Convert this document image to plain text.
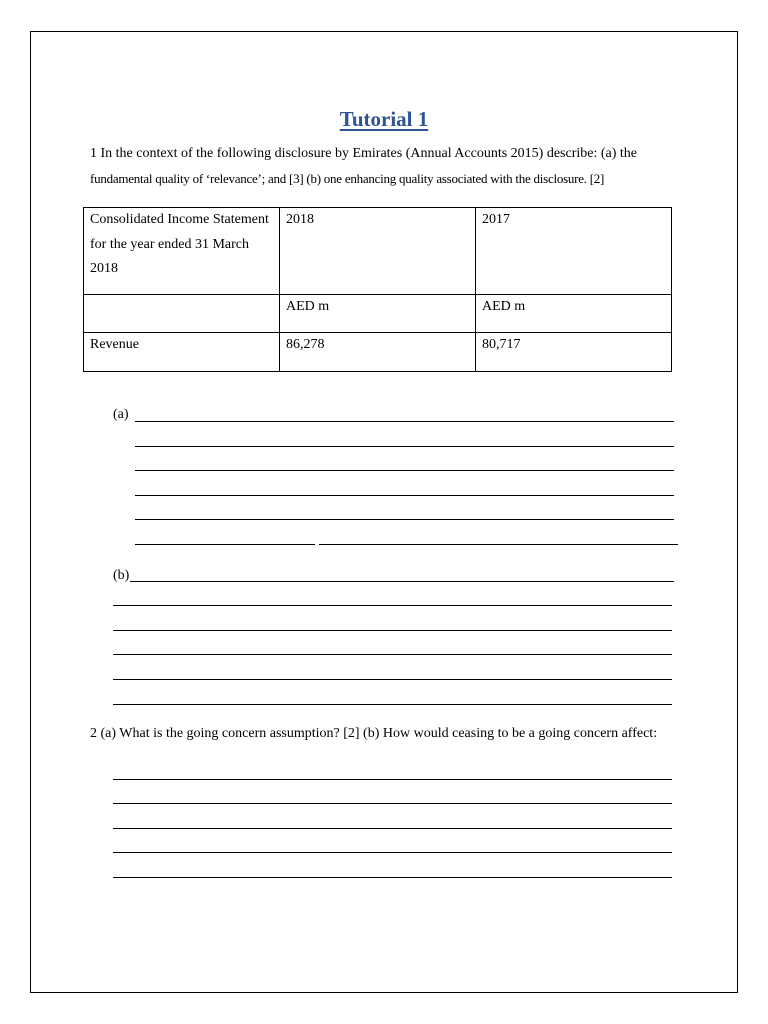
Tutorial 1
1 In the context of the following disclosure by Emirates (Annual Accounts 2015) describe: (a) the
fundamental quality of ‘relevance’; and [3] (b) one enhancing quality associated with the disclosure. [2]
Consolidated Income Statement for the year ended 31 March 2018	2018	2017
	AED m	AED m
Revenue	86,278	80,717
(a)
(b)
2 (a) What is the going concern assumption? [2] (b) How would ceasing to be a going concern affect:
